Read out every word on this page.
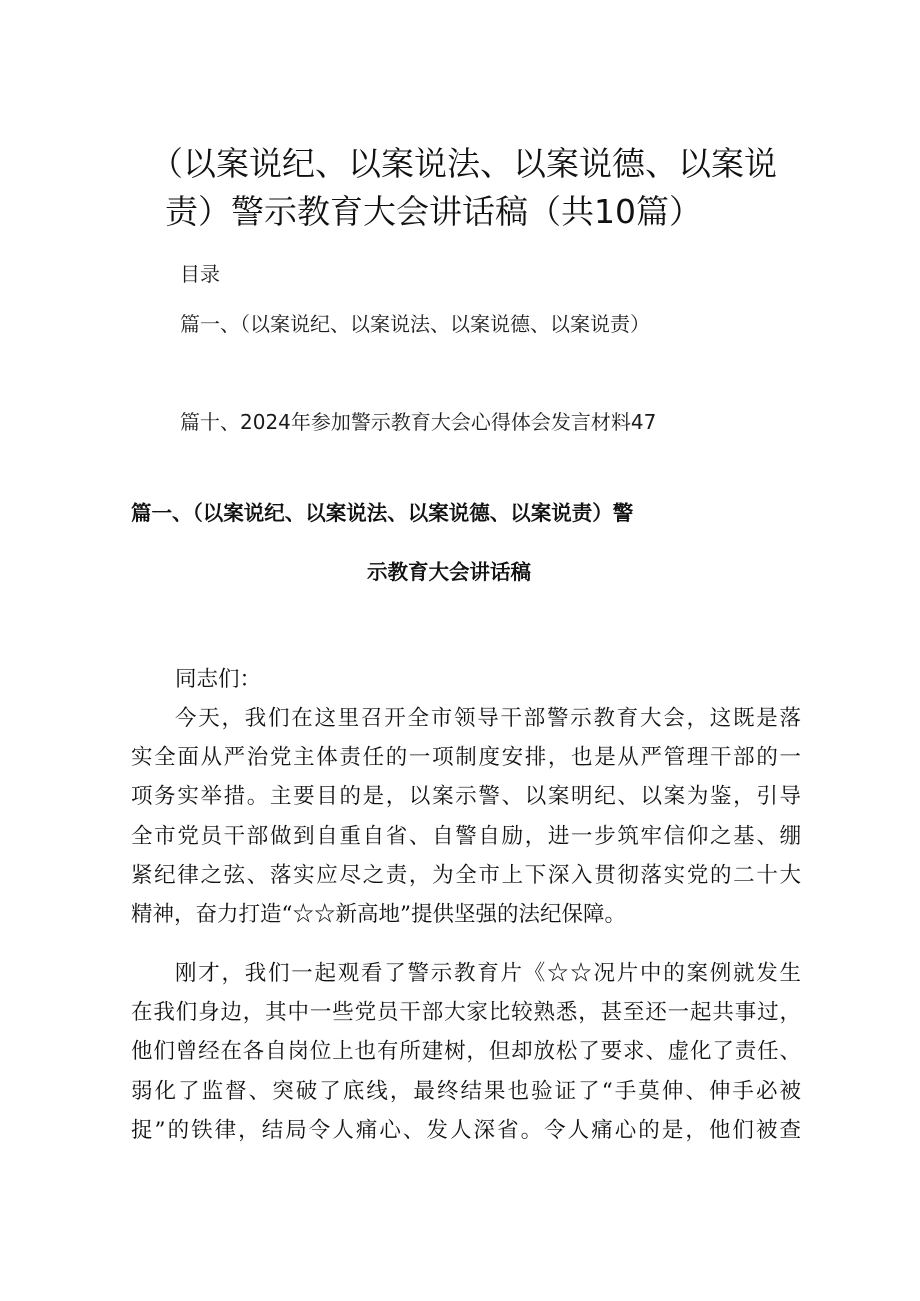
（以案说纪、以案说法、以案说德、以案说
责）警示教育大会讲话稿（共10篇）
目录
篇一、（以案说纪、以案说法、以案说德、以案说责）
篇十、2024年参加警示教育大会心得体会发言材料47
篇一、（以案说纪、以案说法、以案说德、以案说责）警
示教育大会讲话稿
同志们：
今天，我们在这里召开全市领导干部警示教育大会，这既是落
实全面从严治党主体责任的一项制度安排，也是从严管理干部的一
项务实举措。主要目的是，以案示警、以案明纪、以案为鉴，引导
全市党员干部做到自重自省、自警自励，进一步筑牢信仰之基、绷
紧纪律之弦、落实应尽之责，为全市上下深入贯彻落实党的二十大
精神，奋力打造“☆☆新高地”提供坚强的法纪保障。
刚才，我们一起观看了警示教育片《☆☆况片中的案例就发生
在我们身边，其中一些党员干部大家比较熟悉，甚至还一起共事过，
他们曾经在各自岗位上也有所建树，但却放松了要求、虚化了责任、
弱化了监督、突破了底线，最终结果也验证了“手莫伸、伸手必被
捉”的铁律，结局令人痛心、发人深省。令人痛心的是，他们被查
